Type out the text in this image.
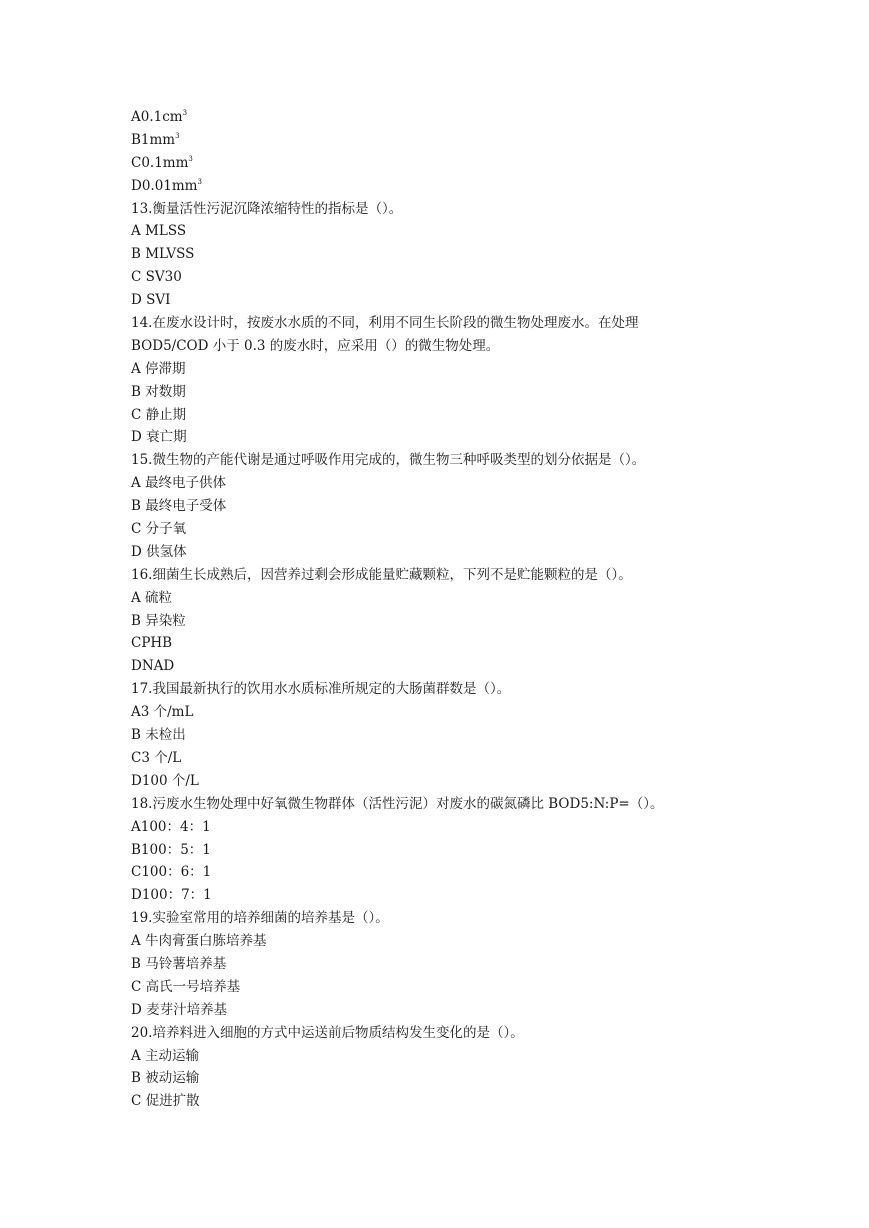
$A0.1cm^3$
$B1mm^3$
$C0.1mm^3$
$D0.01mm^3$
13.衡量活性污泥沉降浓缩特性的指标是（）。
A MLSS
B MLVSS
C SV30
D SVI
14.在废水设计时，按废水水质的不同，利用不同生长阶段的微生物处理废水。在处理
BOD5/COD 小于 0.3 的废水时，应采用（）的微生物处理。
A 停滞期
B 对数期
C 静止期
D 衰亡期
15.微生物的产能代谢是通过呼吸作用完成的，微生物三种呼吸类型的划分依据是（）。
A 最终电子供体
B 最终电子受体
C 分子氧
D 供氢体
16.细菌生长成熟后，因营养过剩会形成能量贮藏颗粒，下列不是贮能颗粒的是（）。
A 硫粒
B 异染粒
CPHB
DNAD
17.我国最新执行的饮用水水质标准所规定的大肠菌群数是（）。
A3 个/mL
B 未检出
C3 个/L
D100 个/L
18.污废水生物处理中好氧微生物群体（活性污泥）对废水的碳氮磷比 BOD5:N:P=（）。
A100：4：1
B100：5：1
C100：6：1
D100：7：1
19.实验室常用的培养细菌的培养基是（）。
A 牛肉膏蛋白胨培养基
B 马铃薯培养基
C 高氏一号培养基
D 麦芽汁培养基
20.培养料进入细胞的方式中运送前后物质结构发生变化的是（）。
A 主动运输
B 被动运输
C 促进扩散
